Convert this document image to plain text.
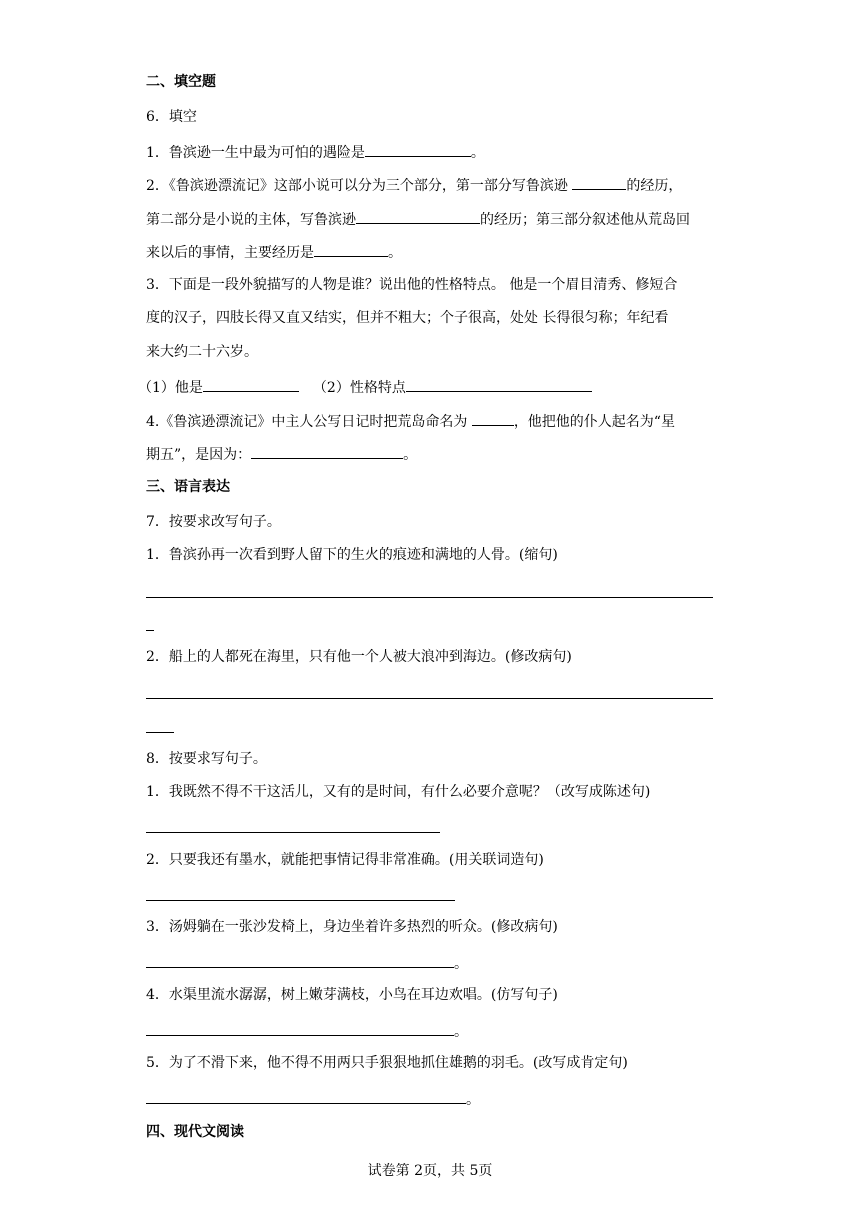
二、填空题
6．填空
1．鲁滨逊一生中最为可怕的遇险是	。
2．《鲁滨逊漂流记》这部小说可以分为三个部分，第一部分写鲁滨逊	的经历，
第二部分是小说的主体，写鲁滨逊	的经历；第三部分叙述他从荒岛回
来以后的事情，主要经历是	。
3．下面是一段外貌描写的人物是谁？说出他的性格特点。 他是一个眉目清秀、修短合
度的汉子，四肢长得又直又结实，但并不粗大；个子很高，处处 长得很匀称；年纪看
来大约二十六岁。
（1）他是	（2）性格特点
4.《鲁滨逊漂流记》中主人公写日记时把荒岛命名为	，他把他的仆人起名为“星
期五”，是因为：	。
三、语言表达
7．按要求改写句子。
1．鲁滨孙再一次看到野人留下的生火的痕迹和满地的人骨。(缩句)
2．船上的人都死在海里，只有他一个人被大浪冲到海边。(修改病句)
8．按要求写句子。
1．我既然不得不干这活儿，又有的是时间，有什么必要介意呢？（改写成陈述句)
2．只要我还有墨水，就能把事情记得非常准确。(用关联词造句)
3．汤姆躺在一张沙发椅上，身边坐着许多热烈的听众。(修改病句)
。
4．水渠里流水潺潺，树上嫩芽满枝，小鸟在耳边欢唱。(仿写句子)
。
5．为了不滑下来，他不得不用两只手狠狠地抓住雄鹅的羽毛。(改写成肯定句)
。
四、现代文阅读
试卷第 2页，共 5页
